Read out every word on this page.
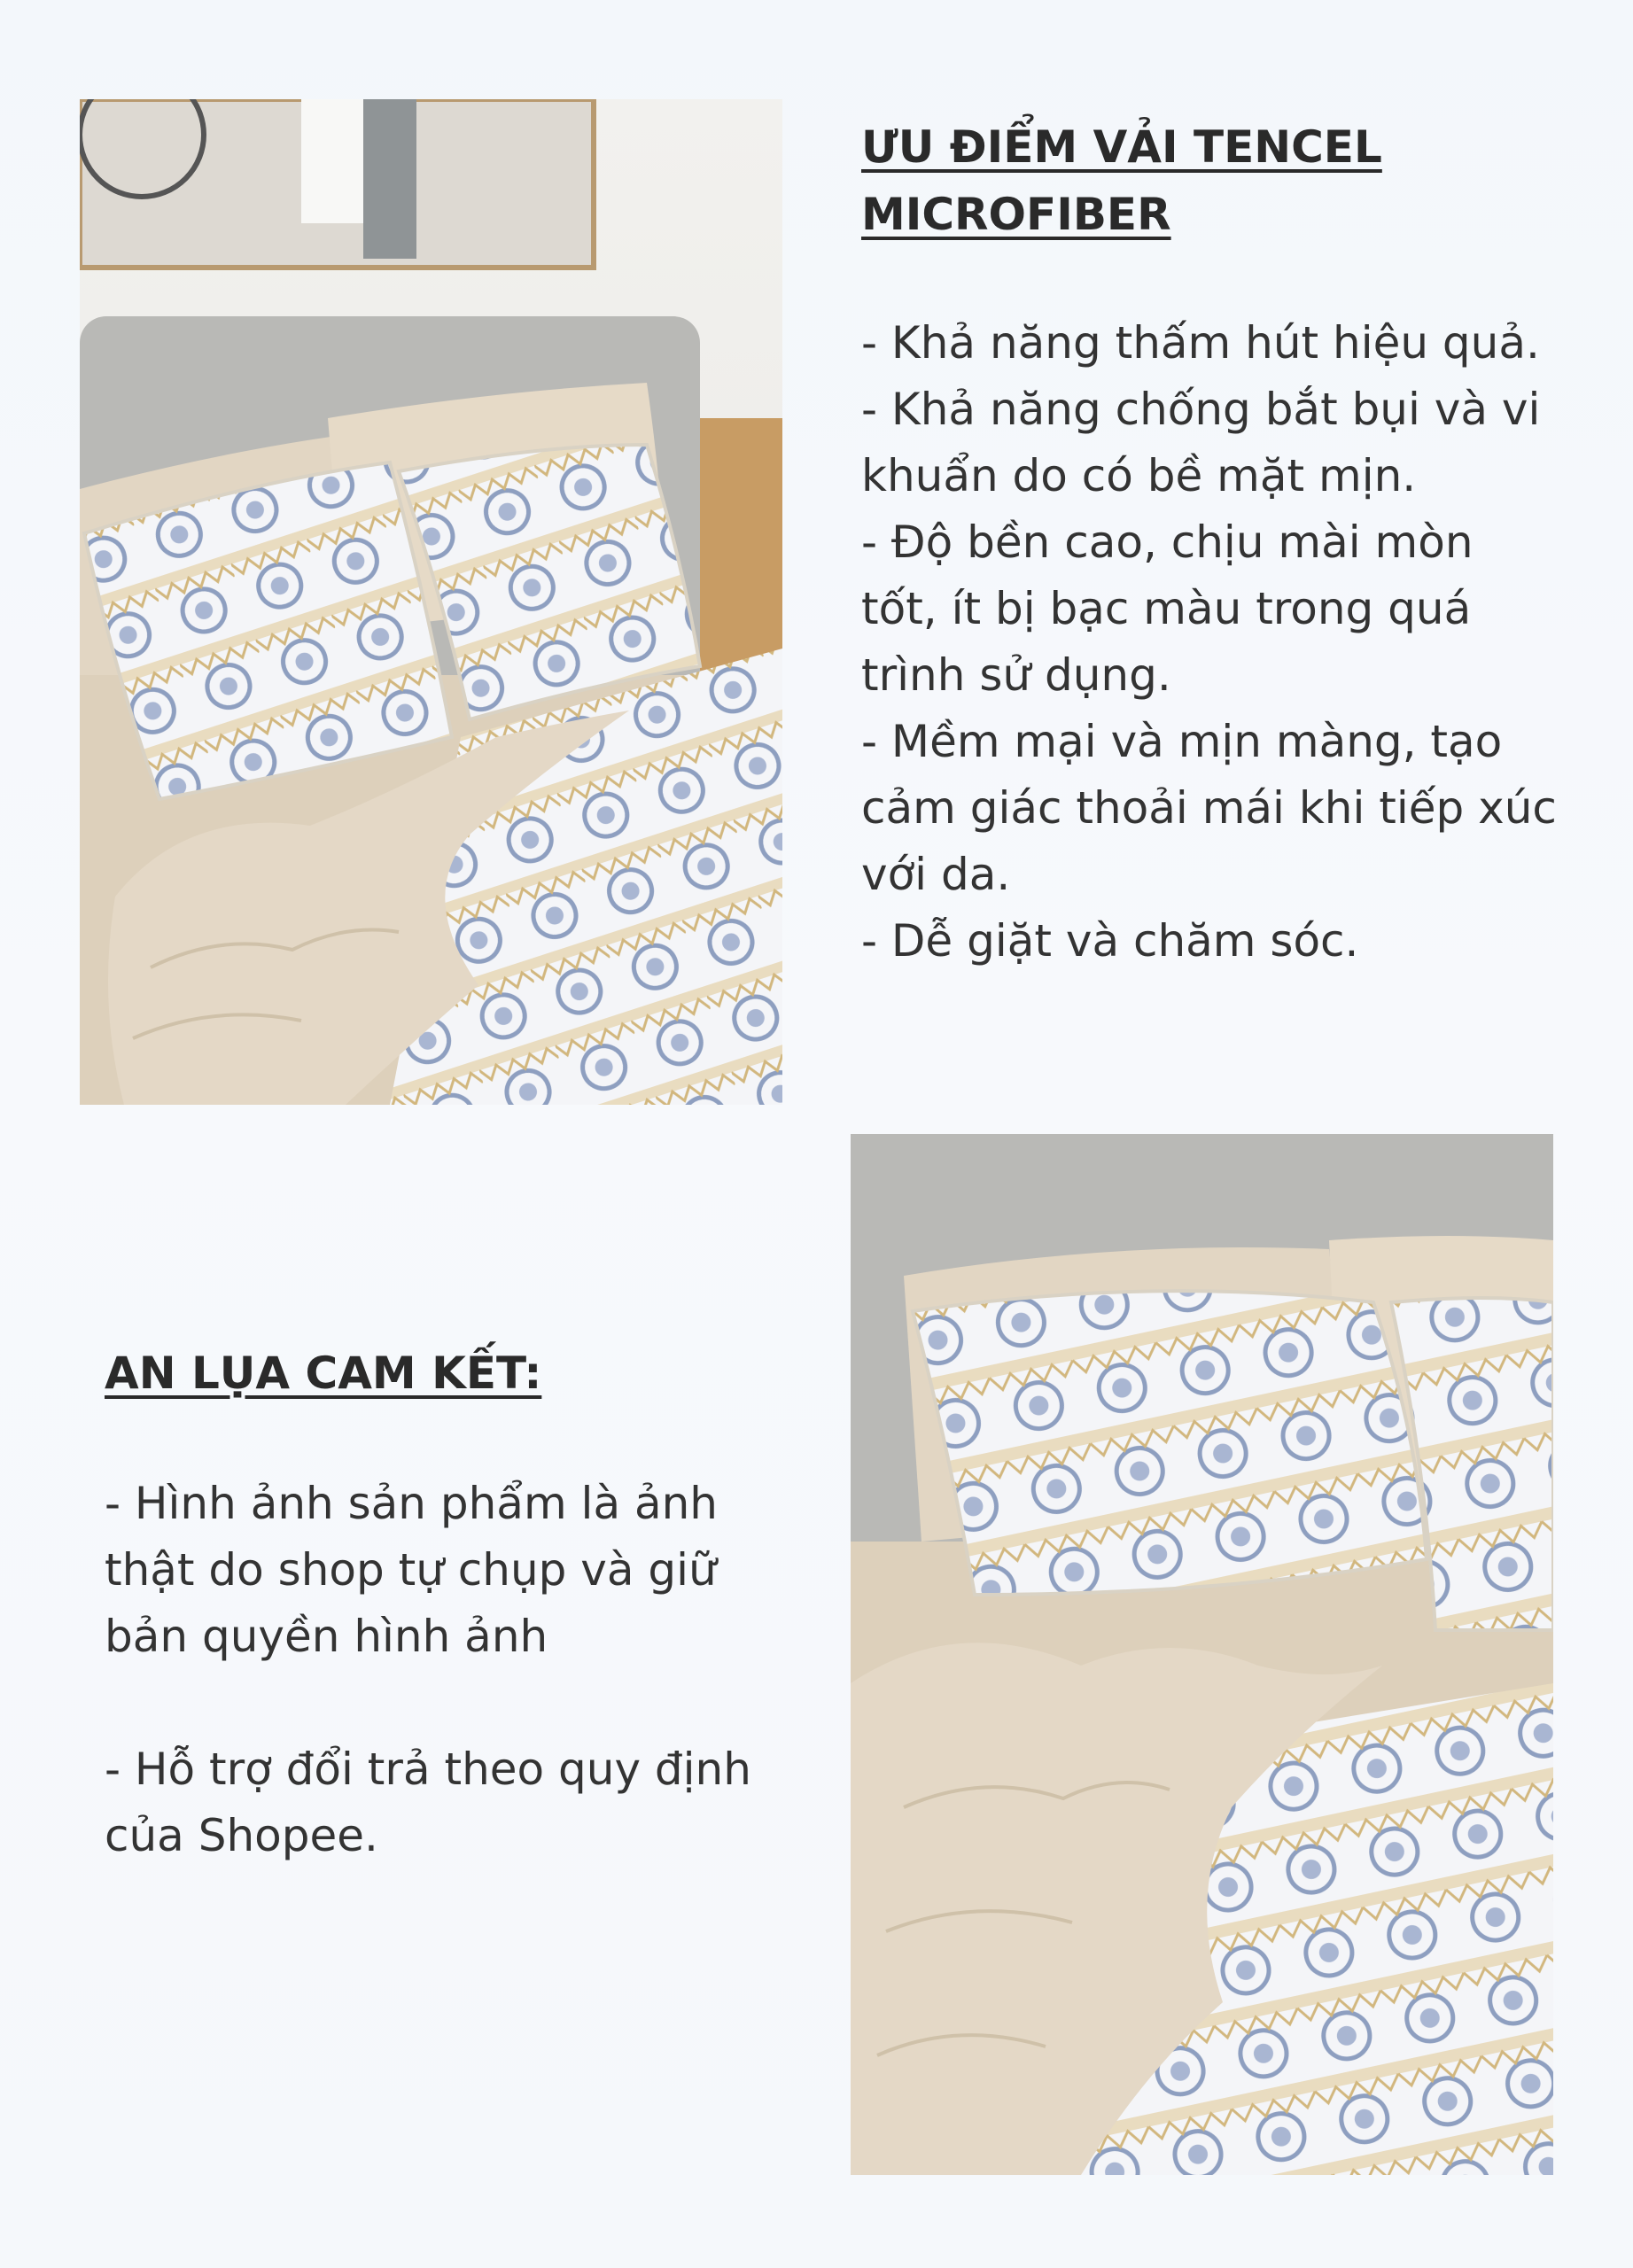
ƯU ĐIỂM VẢI TENCEL MICROFIBER
- Khả năng thấm hút hiệu quả.
- Khả năng chống bắt bụi và vi khuẩn do có bề mặt mịn.
- Độ bền cao, chịu mài mòn tốt, ít bị bạc màu trong quá trình sử dụng.
- Mềm mại và mịn màng, tạo cảm giác thoải mái khi tiếp xúc với da.
- Dễ giặt và chăm sóc.
AN LỤA CAM KẾT:
- Hình ảnh sản phẩm là ảnh thật do shop tự chụp và giữ bản quyền hình ảnh
- Hỗ trợ đổi trả theo quy định của Shopee.
